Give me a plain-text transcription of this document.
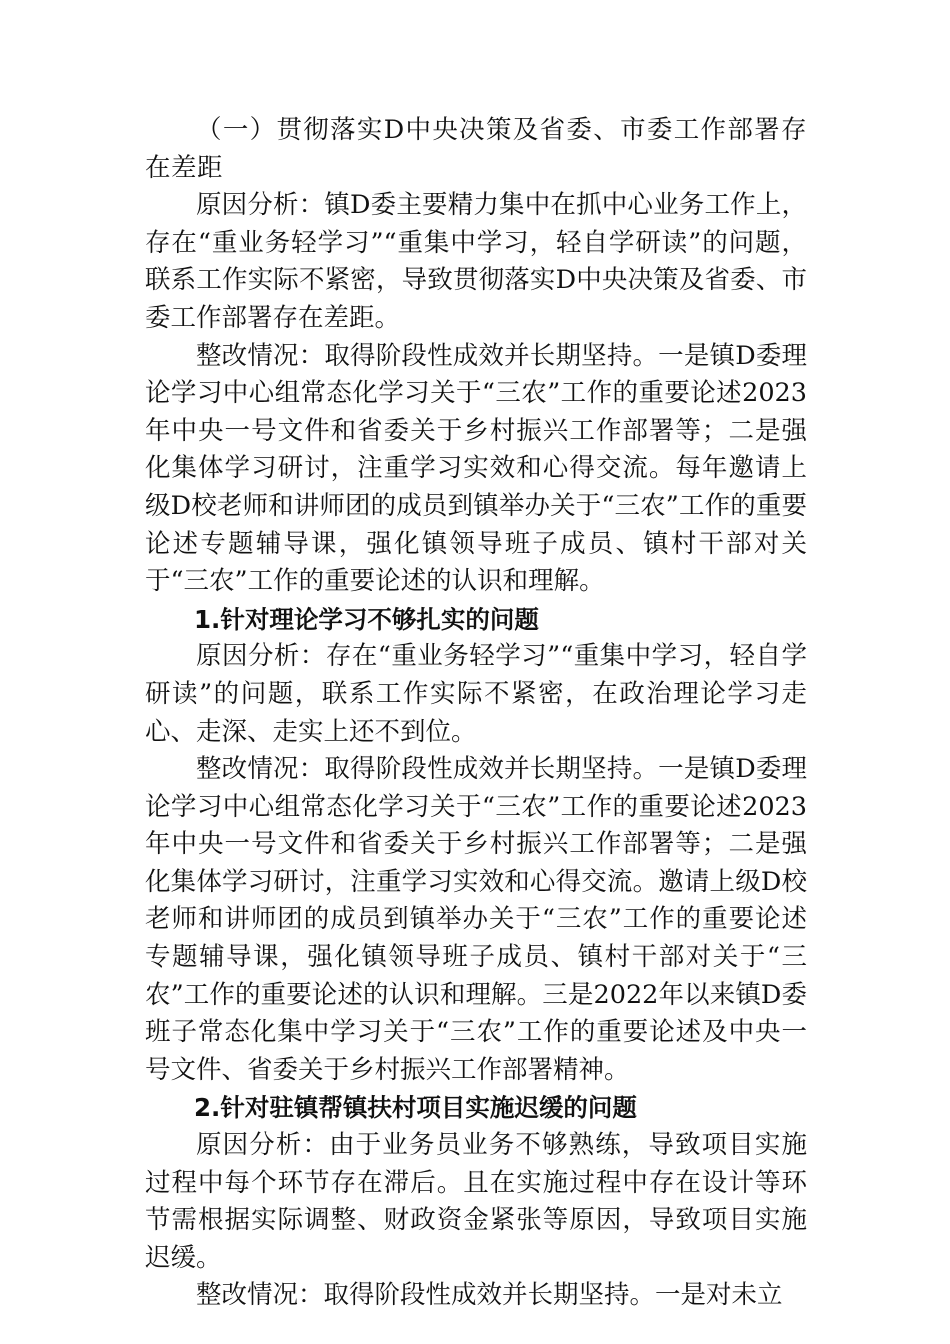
（一）贯彻落实D中央决策及省委、市委工作部署存在差距

原因分析：镇D委主要精力集中在抓中心业务工作上，存在“重业务轻学习”“重集中学习，轻自学研读”的问题，联系工作实际不紧密，导致贯彻落实D中央决策及省委、市委工作部署存在差距。

整改情况：取得阶段性成效并长期坚持。一是镇D委理论学习中心组常态化学习关于“三农”工作的重要论述2023年中央一号文件和省委关于乡村振兴工作部署等；二是强化集体学习研讨，注重学习实效和心得交流。每年邀请上级D校老师和讲师团的成员到镇举办关于“三农”工作的重要论述专题辅导课，强化镇领导班子成员、镇村干部对关于“三农”工作的重要论述的认识和理解。

1.针对理论学习不够扎实的问题

原因分析：存在“重业务轻学习”“重集中学习，轻自学研读”的问题，联系工作实际不紧密，在政治理论学习走心、走深、走实上还不到位。

整改情况：取得阶段性成效并长期坚持。一是镇D委理论学习中心组常态化学习关于“三农”工作的重要论述2023年中央一号文件和省委关于乡村振兴工作部署等；二是强化集体学习研讨，注重学习实效和心得交流。邀请上级D校老师和讲师团的成员到镇举办关于“三农”工作的重要论述专题辅导课，强化镇领导班子成员、镇村干部对关于“三农”工作的重要论述的认识和理解。三是2022年以来镇D委班子常态化集中学习关于“三农”工作的重要论述及中央一号文件、省委关于乡村振兴工作部署精神。

2.针对驻镇帮镇扶村项目实施迟缓的问题

原因分析：由于业务员业务不够熟练，导致项目实施过程中每个环节存在滞后。且在实施过程中存在设计等环节需根据实际调整、财政资金紧张等原因，导致项目实施迟缓。

整改情况：取得阶段性成效并长期坚持。一是对未立
